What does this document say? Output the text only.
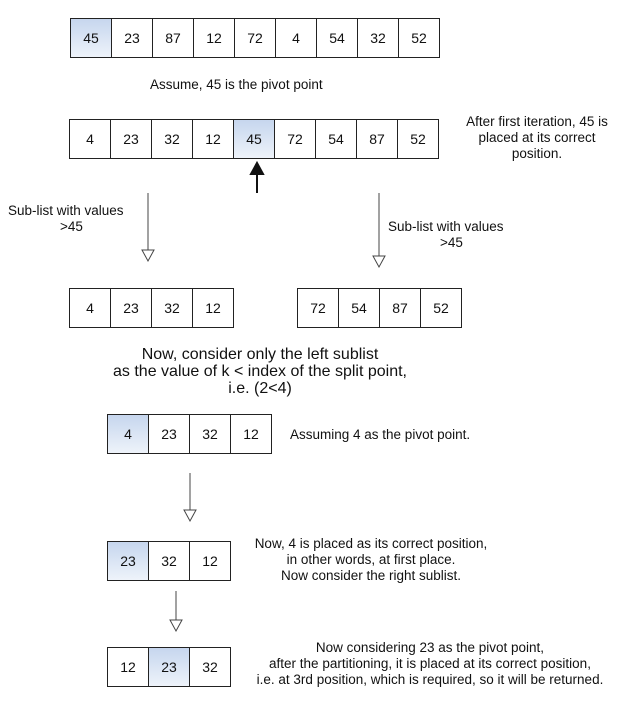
45	23	87	12	72	4	54	32	52
4	23	32	12	45	72	54	87	52
4	23	32	12	72	54	87	52
4	23	32	12
23	32	12
12	23	32
Assume, 45 is the pivot point
After first iteration, 45 is
placed at its correct
position.
Sub-list with values
>45	Sub-list with values
>45
Now, consider only the left sublist
as the value of k < index of the split point,
i.e. (2<4)
Assuming 4 as the pivot point.
Now, 4 is placed as its correct position,
in other words, at first place.
Now consider the right sublist.
Now considering 23 as the pivot point,
after the partitioning, it is placed at its correct position,
i.e. at 3rd position, which is required, so it will be returned.
